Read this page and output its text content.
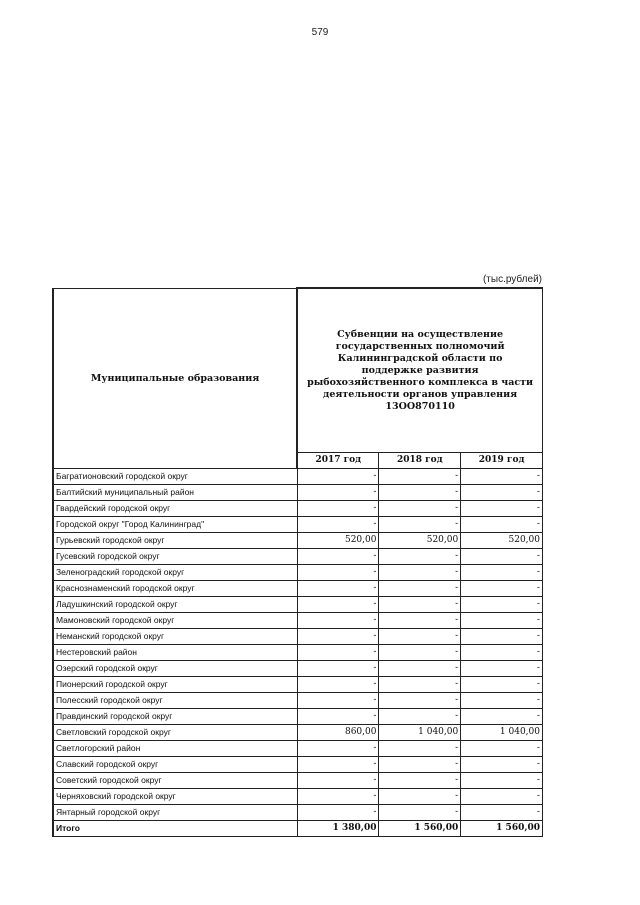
579
(тыс.рублей)
Муниципальные образования	Субвенции на осуществление государственных полномочий Калининградской области по поддержке развития рыбохозяйственного комплекса в части деятельности органов управления 13ОО870110		
	2017 год	2018 год	2019 год
Багратионовский городской округ	-	-	-
Балтийский муниципальный район	-	-	-
Гвардейский городской округ	-	-	-
Городской округ "Город Калининград"	-	-	-
Гурьевский городской округ	520,00	520,00	520,00
Гусевский городской округ	-	-	-
Зеленоградский городской округ	-	-	-
Краснознаменский городской округ	-	-	-
Ладушкинский городской округ	-	-	-
Мамоновский городской округ	-	-	-
Неманский городской округ	-	-	-
Нестеровский район	-	-	-
Озерский городской округ	-	-	-
Пионерский городской округ	-	-	-
Полесский городской округ	-	-	-
Правдинский городской округ	-	-	-
Светловский городской округ	860,00	1 040,00	1 040,00
Светлогорский район	-	-	-
Славский городской округ	-	-	-
Советский городской округ	-	-	-
Черняховский городской округ	-	-	-
Янтарный городской округ	-	-	-
Итого	1 380,00	1 560,00	1 560,00
